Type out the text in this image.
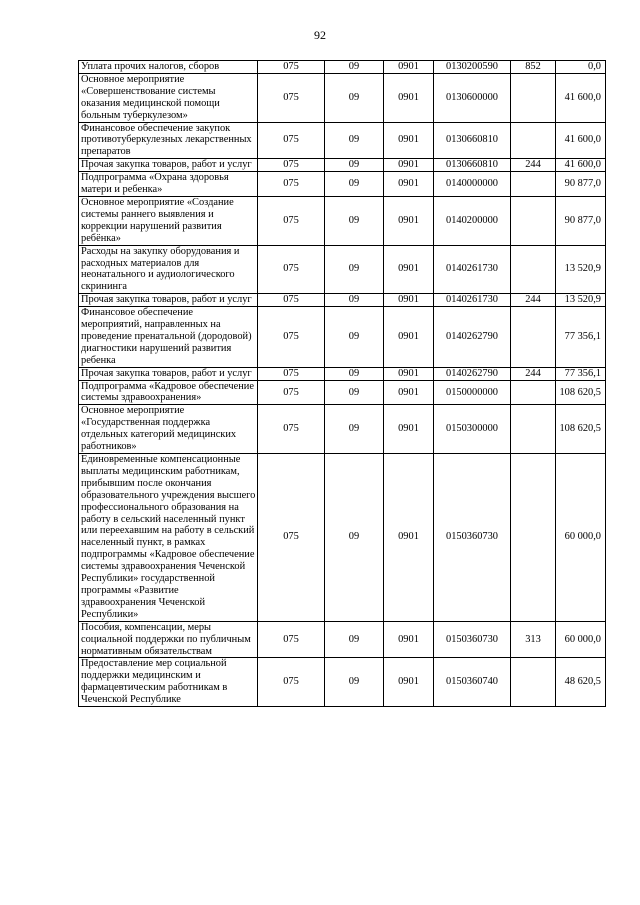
92
Уплата прочих налогов, сборов	075	09	0901	0130200590	852	0,0
Основное мероприятие «Совершенствование системы оказания медицинской помощи больным туберкулезом»	075	09	0901	0130600000		41 600,0
Финансовое обеспечение закупок противотуберкулезных лекарственных препаратов	075	09	0901	0130660810		41 600,0
Прочая закупка товаров, работ и услуг	075	09	0901	0130660810	244	41 600,0
Подпрограмма «Охрана здоровья матери и ребенка»	075	09	0901	0140000000		90 877,0
Основное мероприятие «Создание системы раннего выявления и коррекции нарушений развития ребёнка»	075	09	0901	0140200000		90 877,0
Расходы на закупку оборудования и расходных материалов для неонатального и аудиологического скрининга	075	09	0901	0140261730		13 520,9
Прочая закупка товаров, работ и услуг	075	09	0901	0140261730	244	13 520,9
Финансовое обеспечение мероприятий, направленных на проведение пренатальной (дородовой) диагностики нарушений развития ребенка	075	09	0901	0140262790		77 356,1
Прочая закупка товаров, работ и услуг	075	09	0901	0140262790	244	77 356,1
Подпрограмма «Кадровое обеспечение системы здравоохранения»	075	09	0901	0150000000		108 620,5
Основное мероприятие «Государственная поддержка отдельных категорий медицинских работников»	075	09	0901	0150300000		108 620,5
Единовременные компенсационные выплаты медицинским работникам, прибывшим после окончания образовательного учреждения высшего профессионального образования на работу в сельский населенный пункт или переехавшим на работу в сельский населенный пункт, в рамках подпрограммы «Кадровое обеспечение системы здравоохранения Чеченской Республики» государственной программы «Развитие здравоохранения Чеченской Республики»	075	09	0901	0150360730		60 000,0
Пособия, компенсации, меры социальной поддержки по публичным нормативным обязательствам	075	09	0901	0150360730	313	60 000,0
Предоставление мер социальной поддержки медицинским и фармацевтическим работникам в Чеченской Республике	075	09	0901	0150360740		48 620,5
